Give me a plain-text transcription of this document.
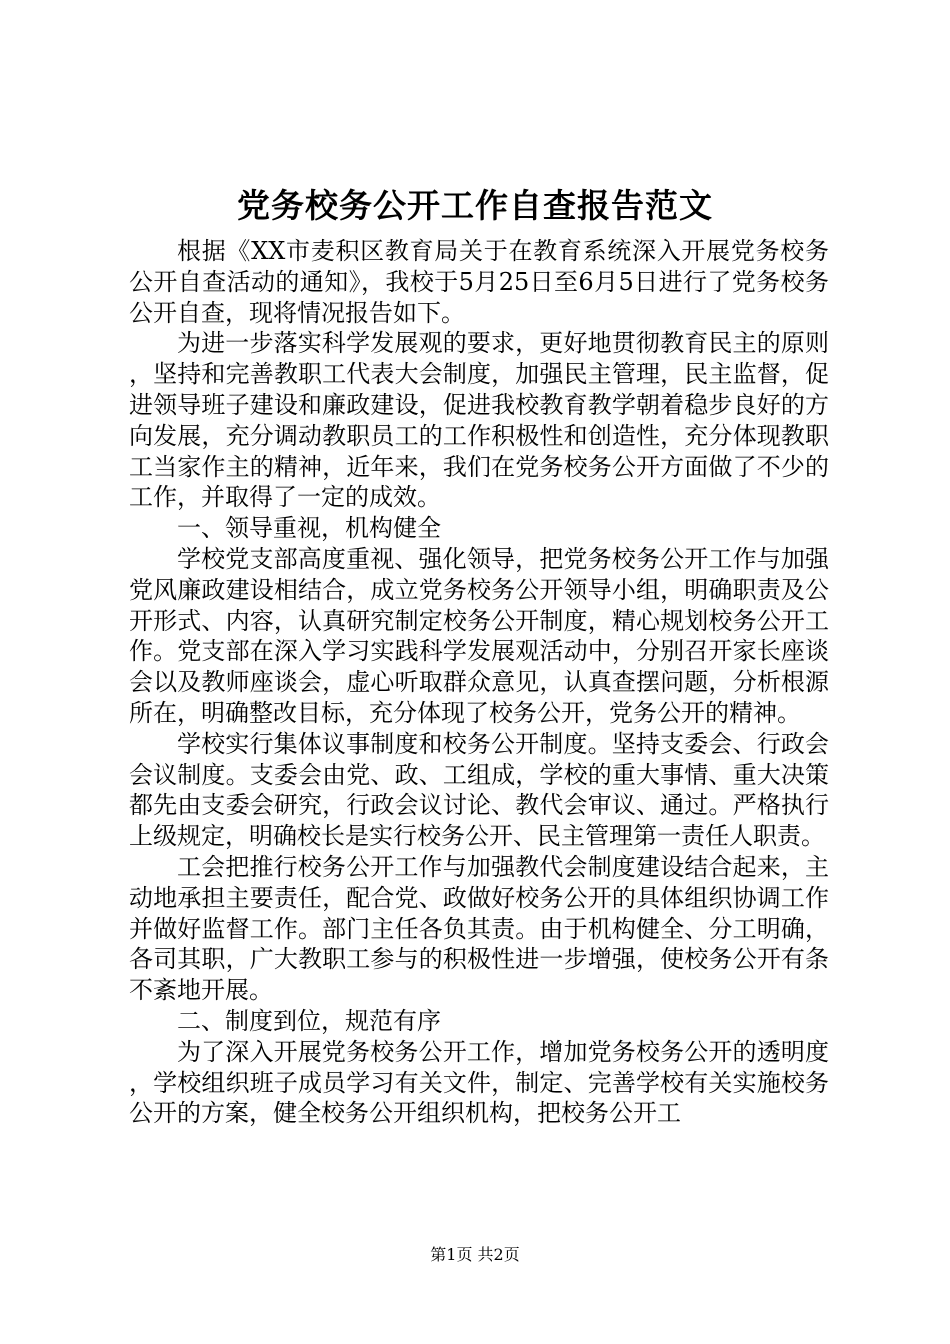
党务校务公开工作自查报告范文

根据《XX市麦积区教育局关于在教育系统深入开展党务校务公开自查活动的通知》，我校于5月25日至6月5日进行了党务校务公开自查，现将情况报告如下。

为进一步落实科学发展观的要求，更好地贯彻教育民主的原则，坚持和完善教职工代表大会制度，加强民主管理，民主监督，促进领导班子建设和廉政建设，促进我校教育教学朝着稳步良好的方向发展，充分调动教职员工的工作积极性和创造性，充分体现教职工当家作主的精神，近年来，我们在党务校务公开方面做了不少的工作，并取得了一定的成效。

一、领导重视，机构健全

学校党支部高度重视、强化领导，把党务校务公开工作与加强党风廉政建设相结合，成立党务校务公开领导小组，明确职责及公开形式、内容，认真研究制定校务公开制度，精心规划校务公开工作。党支部在深入学习实践科学发展观活动中，分别召开家长座谈会以及教师座谈会，虚心听取群众意见，认真查摆问题，分析根源所在，明确整改目标，充分体现了校务公开，党务公开的精神。

学校实行集体议事制度和校务公开制度。坚持支委会、行政会会议制度。支委会由党、政、工组成，学校的重大事情、重大决策都先由支委会研究，行政会议讨论、教代会审议、通过。严格执行上级规定，明确校长是实行校务公开、民主管理第一责任人职责。

工会把推行校务公开工作与加强教代会制度建设结合起来，主动地承担主要责任，配合党、政做好校务公开的具体组织协调工作并做好监督工作。部门主任各负其责。由于机构健全、分工明确，各司其职，广大教职工参与的积极性进一步增强，使校务公开有条不紊地开展。

二、制度到位，规范有序

为了深入开展党务校务公开工作，增加党务校务公开的透明度，学校组织班子成员学习有关文件，制定、完善学校有关实施校务公开的方案，健全校务公开组织机构，把校务公开工

第1页 共2页
